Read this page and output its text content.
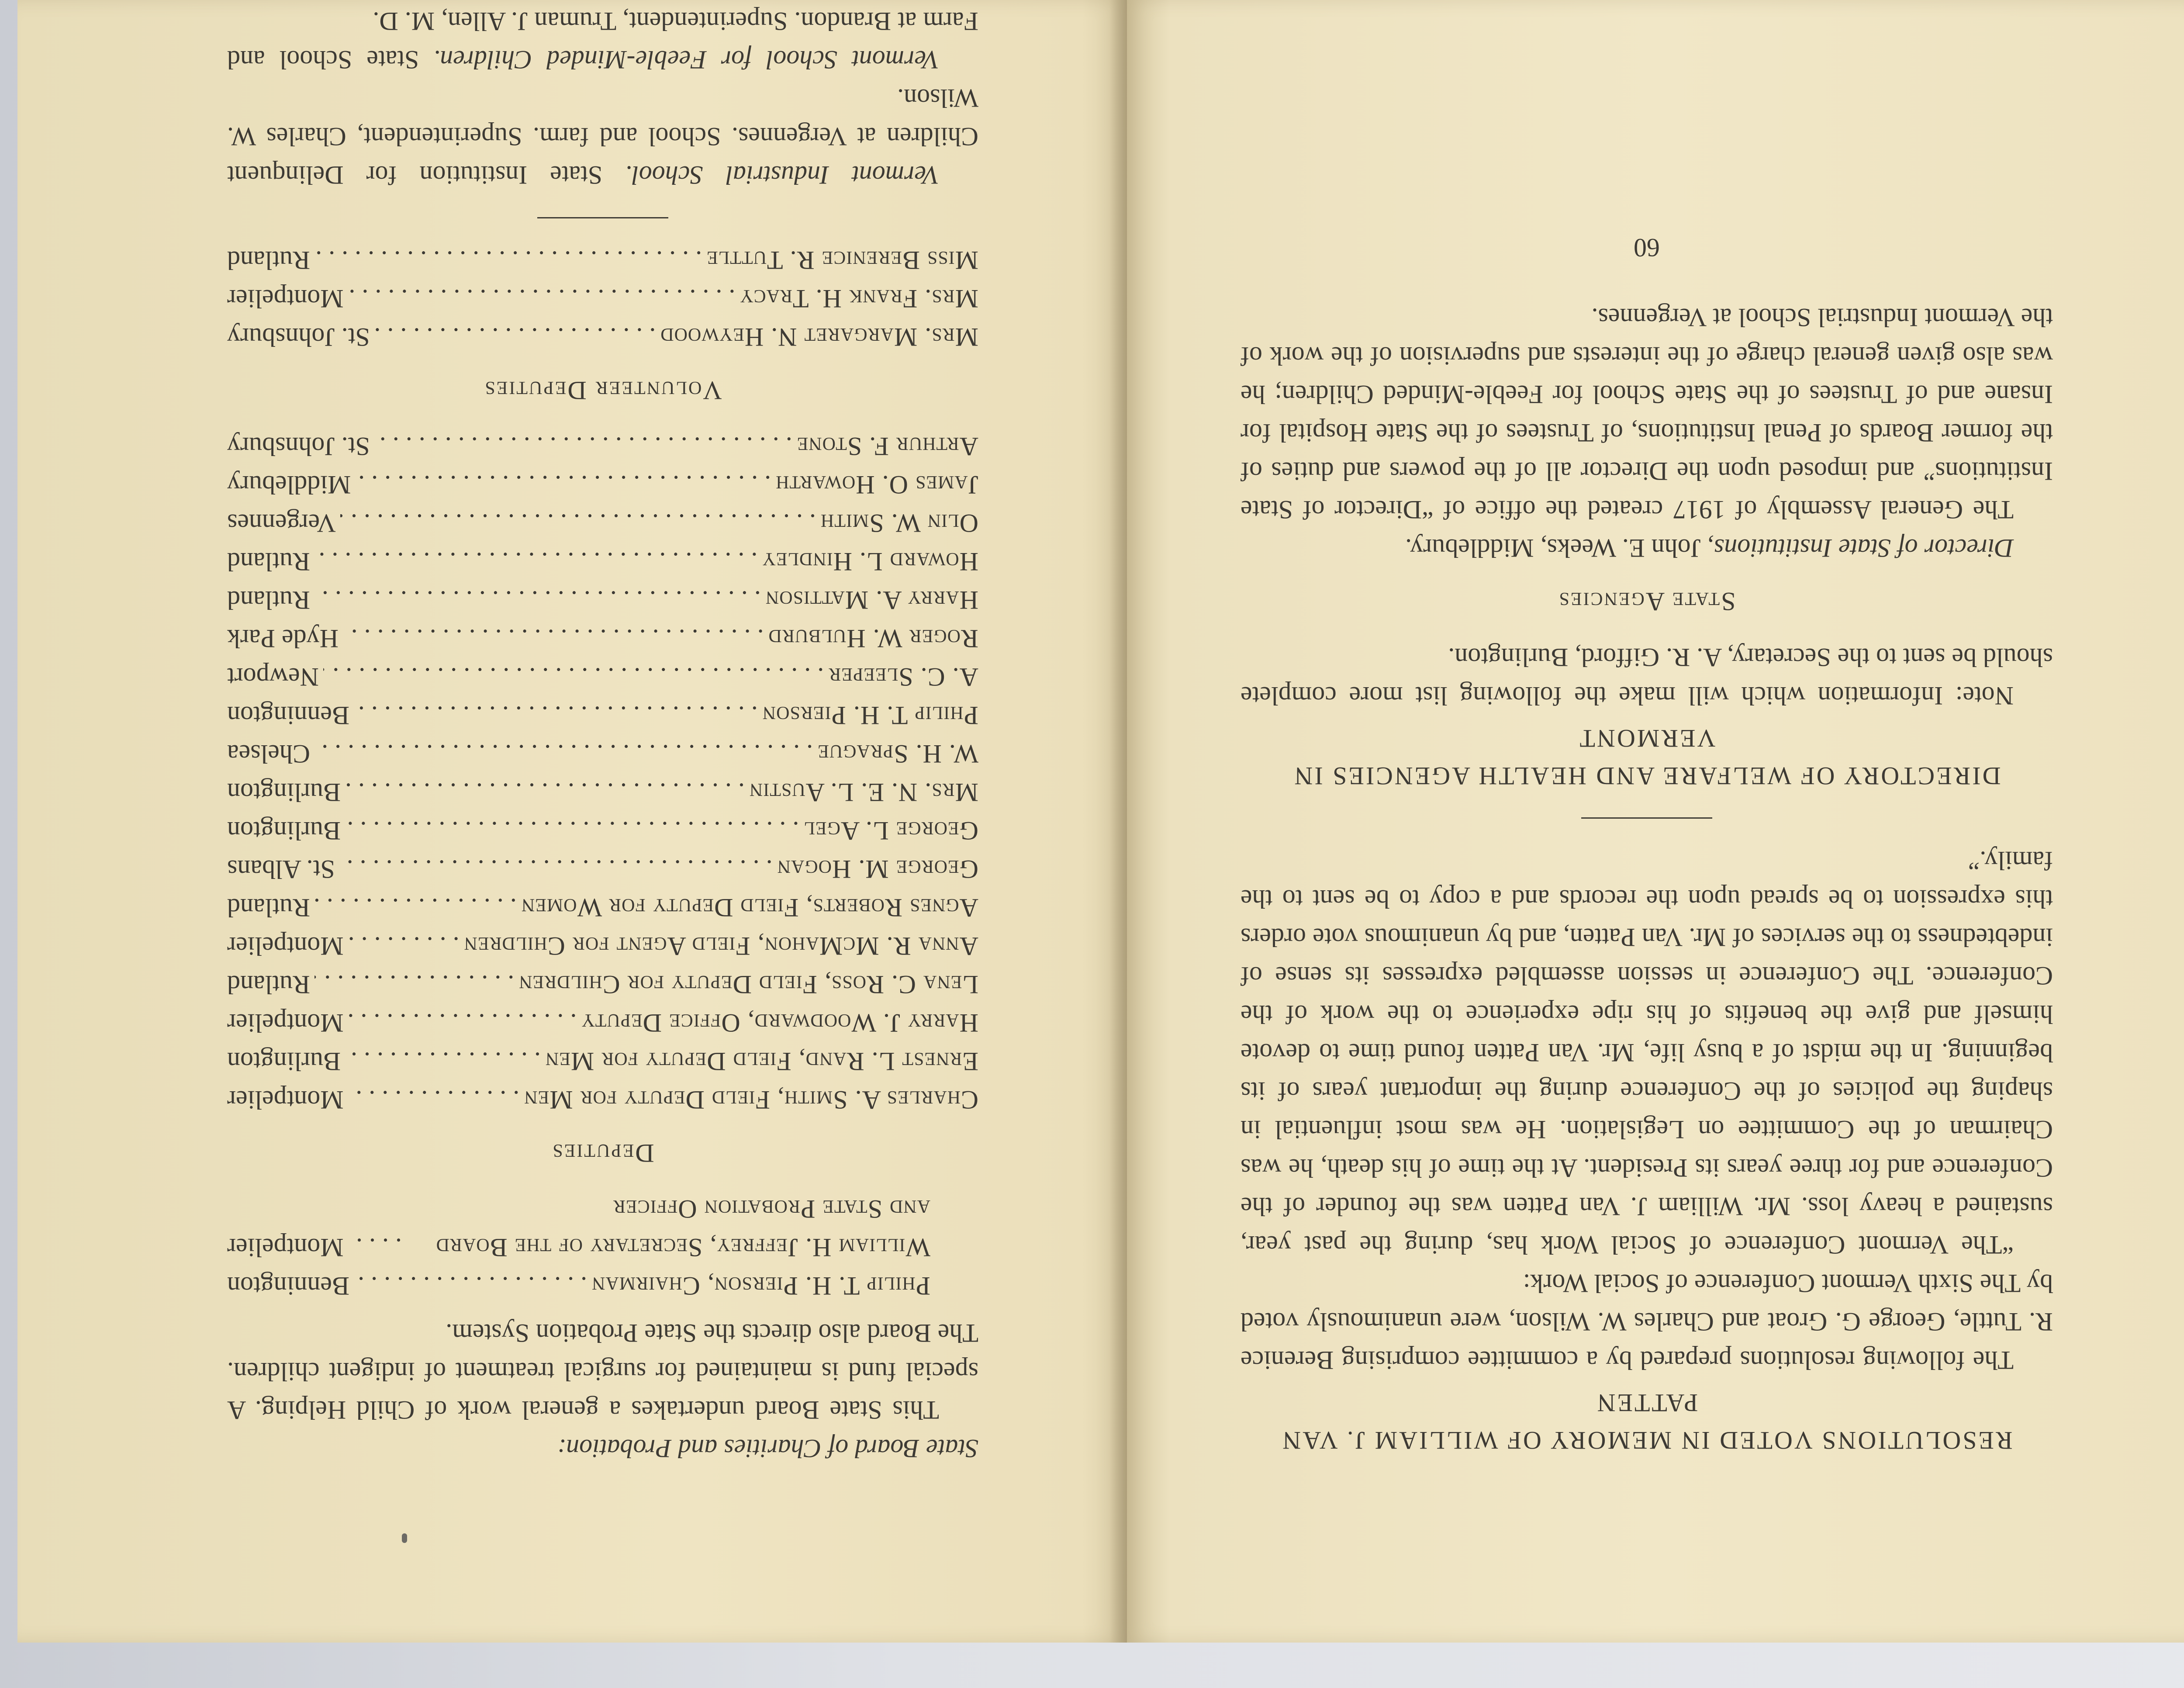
State Board of Charities and Probation:

This State Board undertakes a general work of Child Helping. A special fund is maintained for surgical treatment of indigent children. The Board also directs the State Probation System.

Philip T. H. Pierson, Chairman
. . .
Bennington
William H. Jeffrey, Secretary of the Board and State Probation Officer
. . .
Montpelier
Deputies
Charles A. Smith, Field Deputy for Men
. . .
Montpelier
Ernest L. Rand, Field Deputy for Men
. . .
Burlington
Harry J. Woodward, Office Deputy
. . .
Montpelier
Lena C. Ross, Field Deputy for Children
. . .
Rutland
Anna R. McMahon, Field Agent for Children
. . .
Montpelier
Agnes Roberts, Field Deputy for Women
. . .
Rutland
George M. Hogan
. . .
St. Albans
George L. Agel
. . .
Burlington
Mrs. N. E. L. Austin
. . .
Burlington
W. H. Sprague
. . .
Chelsea
Philip T. H. Pierson
. . .
Bennington
A. C. Sleeper
. . .
Newport
Roger W. Hulburd
. . .
Hyde Park
Harry A. Mattison
. . .
Rutland
Howard L. Hindley
. . .
Rutland
Olin W. Smith
. . .
Vergennes
James O. Howarth
. . .
Middlebury
Arthur F. Stone
. . .
St. Johnsbury
Volunteer Deputies
Mrs. Margaret N. Heywood
. . .
St. Johnsbury
Mrs. Frank H. Tracy
. . .
Montpelier
Miss Berenice R. Tuttle
. . .
Rutland

Vermont Industrial School. State Institution for Delinquent Children at Vergennes. School and farm. Superintendent, Charles W. Wilson.

Vermont School for Feeble-Minded Children. State School and Farm at Brandon. Superintendent, Truman J. Allen, M. D.

RESOLUTIONS VOTED IN MEMORY OF WILLIAM J. VAN PATTEN

The following resolutions prepared by a committee comprising Berenice R. Tuttle, George G. Groat and Charles W. Wilson, were unanimously voted by The Sixth Vermont Conference of Social Work:

“The Vermont Conference of Social Work has, during the past year, sustained a heavy loss. Mr. William J. Van Patten was the founder of the Conference and for three years its President. At the time of his death, he was Chairman of the Committee on Legislation. He was most influential in shaping the policies of the Conference during the important years of its beginning. In the midst of a busy life, Mr. Van Patten found time to devote himself and give the benefits of his ripe experience to the work of the Conference. The Conference in session assembled expresses its sense of indebtedness to the services of Mr. Van Patten, and by unanimous vote orders this expression to be spread upon the records and a copy to be sent to the family.”

DIRECTORY OF WELFARE AND HEALTH AGENCIES IN VERMONT

Note: Information which will make the following list more complete should be sent to the Secretary, A. R. Gifford, Burlington.

State Agencies

Director of State Institutions, John E. Weeks, Middlebury.

The General Assembly of 1917 created the office of “Director of State Institutions” and imposed upon the Director all of the powers and duties of the former Boards of Penal Institutions, of Trustees of the State Hospital for Insane and of Trustees of the State School for Feeble-Minded Children; he was also given general charge of the interests and supervision of the work of the Vermont Industrial School at Vergennes.

60
